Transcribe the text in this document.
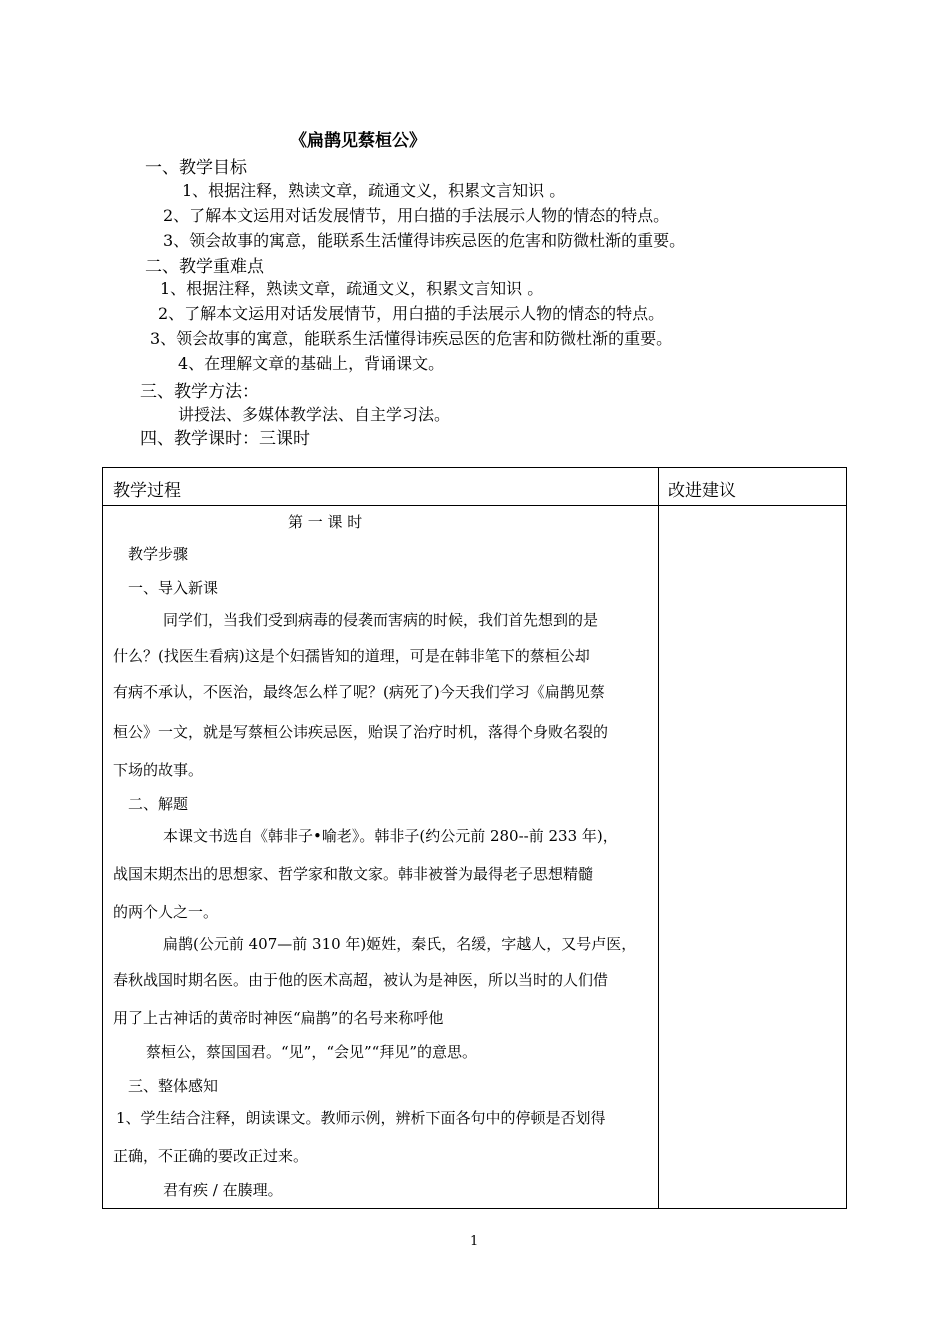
《扁鹊见蔡桓公》
一、教学目标
1、根据注释，熟读文章，疏通文义，积累文言知识 。
2、了解本文运用对话发展情节，用白描的手法展示人物的情态的特点。
3、领会故事的寓意，能联系生活懂得讳疾忌医的危害和防微杜渐的重要。
二、教学重难点
1、根据注释，熟读文章，疏通文义，积累文言知识 。
2、了解本文运用对话发展情节，用白描的手法展示人物的情态的特点。
3、领会故事的寓意，能联系生活懂得讳疾忌医的危害和防微杜渐的重要。
4、在理解文章的基础上，背诵课文。
三、教学方法：
讲授法、多媒体教学法、自主学习法。
四、教学课时：三课时
教学过程	改进建议
第 一 课 时
教学步骤
一、导入新课
同学们，当我们受到病毒的侵袭而害病的时候，我们首先想到的是
什么？(找医生看病)这是个妇孺皆知的道理，可是在韩非笔下的蔡桓公却
有病不承认，不医治，最终怎么样了呢？(病死了)今天我们学习《扁鹊见蔡
桓公》一文，就是写蔡桓公讳疾忌医，贻误了治疗时机，落得个身败名裂的
下场的故事。
二、解题
本课文书选自《韩非子•喻老》。韩非子(约公元前 280--前 233 年)，
战国末期杰出的思想家、哲学家和散文家。韩非被誉为最得老子思想精髓
的两个人之一。
扁鹊(公元前 407—前 310 年)姬姓，秦氏，名缓，字越人，又号卢医，
春秋战国时期名医。由于他的医术高超，被认为是神医，所以当时的人们借
用了上古神话的黄帝时神医“扁鹊”的名号来称呼他
蔡桓公，蔡国国君。“见”，“会见”“拜见”的意思。
三、整体感知
1、学生结合注释，朗读课文。教师示例，辨析下面各句中的停顿是否划得
正确，不正确的要改正过来。
君有疾 / 在腠理。
1
